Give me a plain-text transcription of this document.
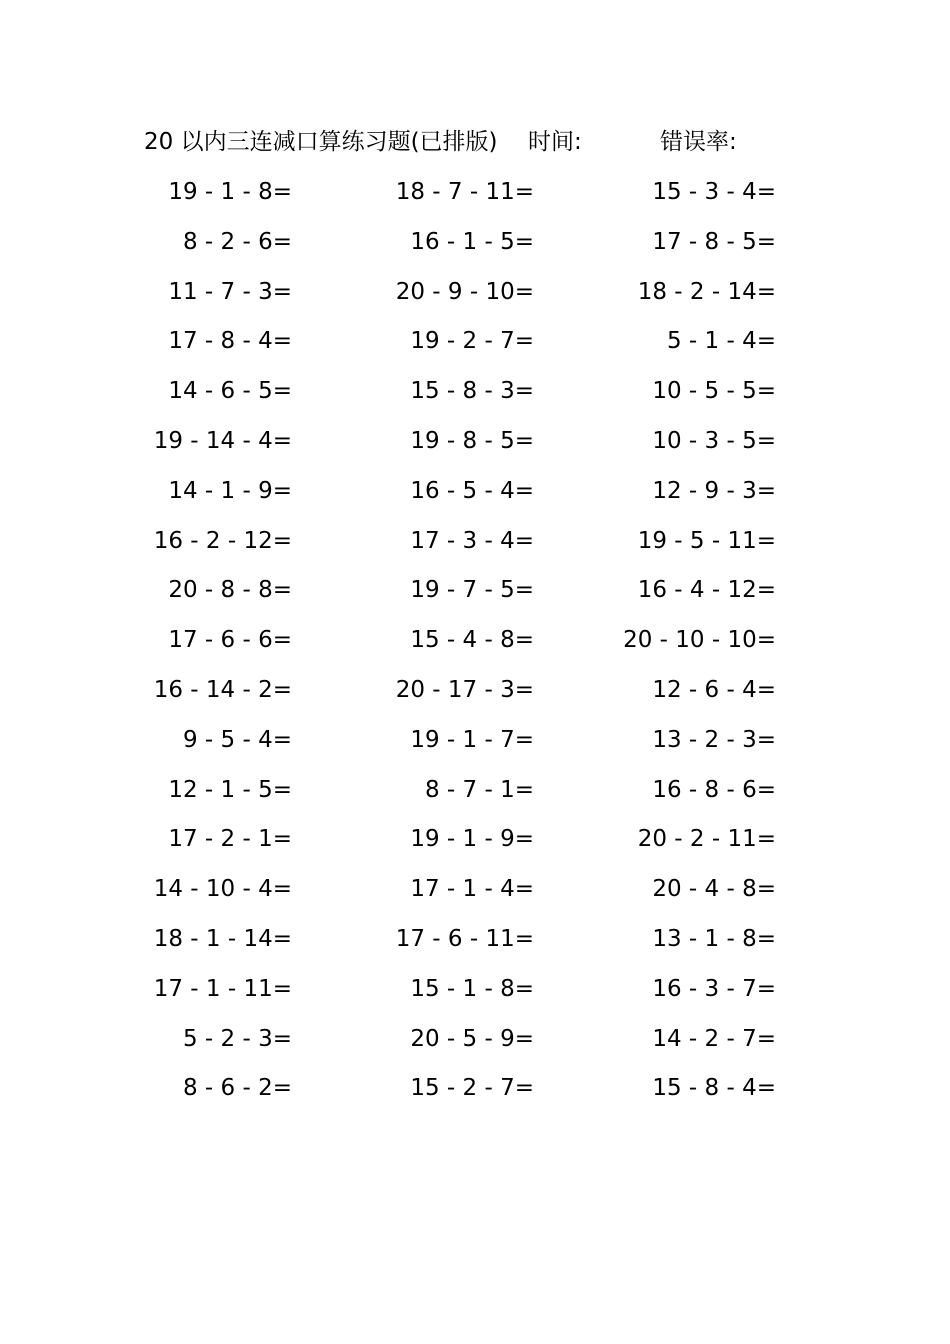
20 以内三连减口算练习题(已排版) 时间:	错误率:
19 - 1 - 8=	18 - 7 - 11=	15 - 3 - 4=
8 - 2 - 6=	16 - 1 - 5=	17 - 8 - 5=
11 - 7 - 3=	20 - 9 - 10=	18 - 2 - 14=
17 - 8 - 4=	19 - 2 - 7=	5 - 1 - 4=
14 - 6 - 5=	15 - 8 - 3=	10 - 5 - 5=
19 - 14 - 4=	19 - 8 - 5=	10 - 3 - 5=
14 - 1 - 9=	16 - 5 - 4=	12 - 9 - 3=
16 - 2 - 12=	17 - 3 - 4=	19 - 5 - 11=
20 - 8 - 8=	19 - 7 - 5=	16 - 4 - 12=
17 - 6 - 6=	15 - 4 - 8=	20 - 10 - 10=
16 - 14 - 2=	20 - 17 - 3=	12 - 6 - 4=
9 - 5 - 4=	19 - 1 - 7=	13 - 2 - 3=
12 - 1 - 5=	8 - 7 - 1=	16 - 8 - 6=
17 - 2 - 1=	19 - 1 - 9=	20 - 2 - 11=
14 - 10 - 4=	17 - 1 - 4=	20 - 4 - 8=
18 - 1 - 14=	17 - 6 - 11=	13 - 1 - 8=
17 - 1 - 11=	15 - 1 - 8=	16 - 3 - 7=
5 - 2 - 3=	20 - 5 - 9=	14 - 2 - 7=
8 - 6 - 2=	15 - 2 - 7=	15 - 8 - 4=
